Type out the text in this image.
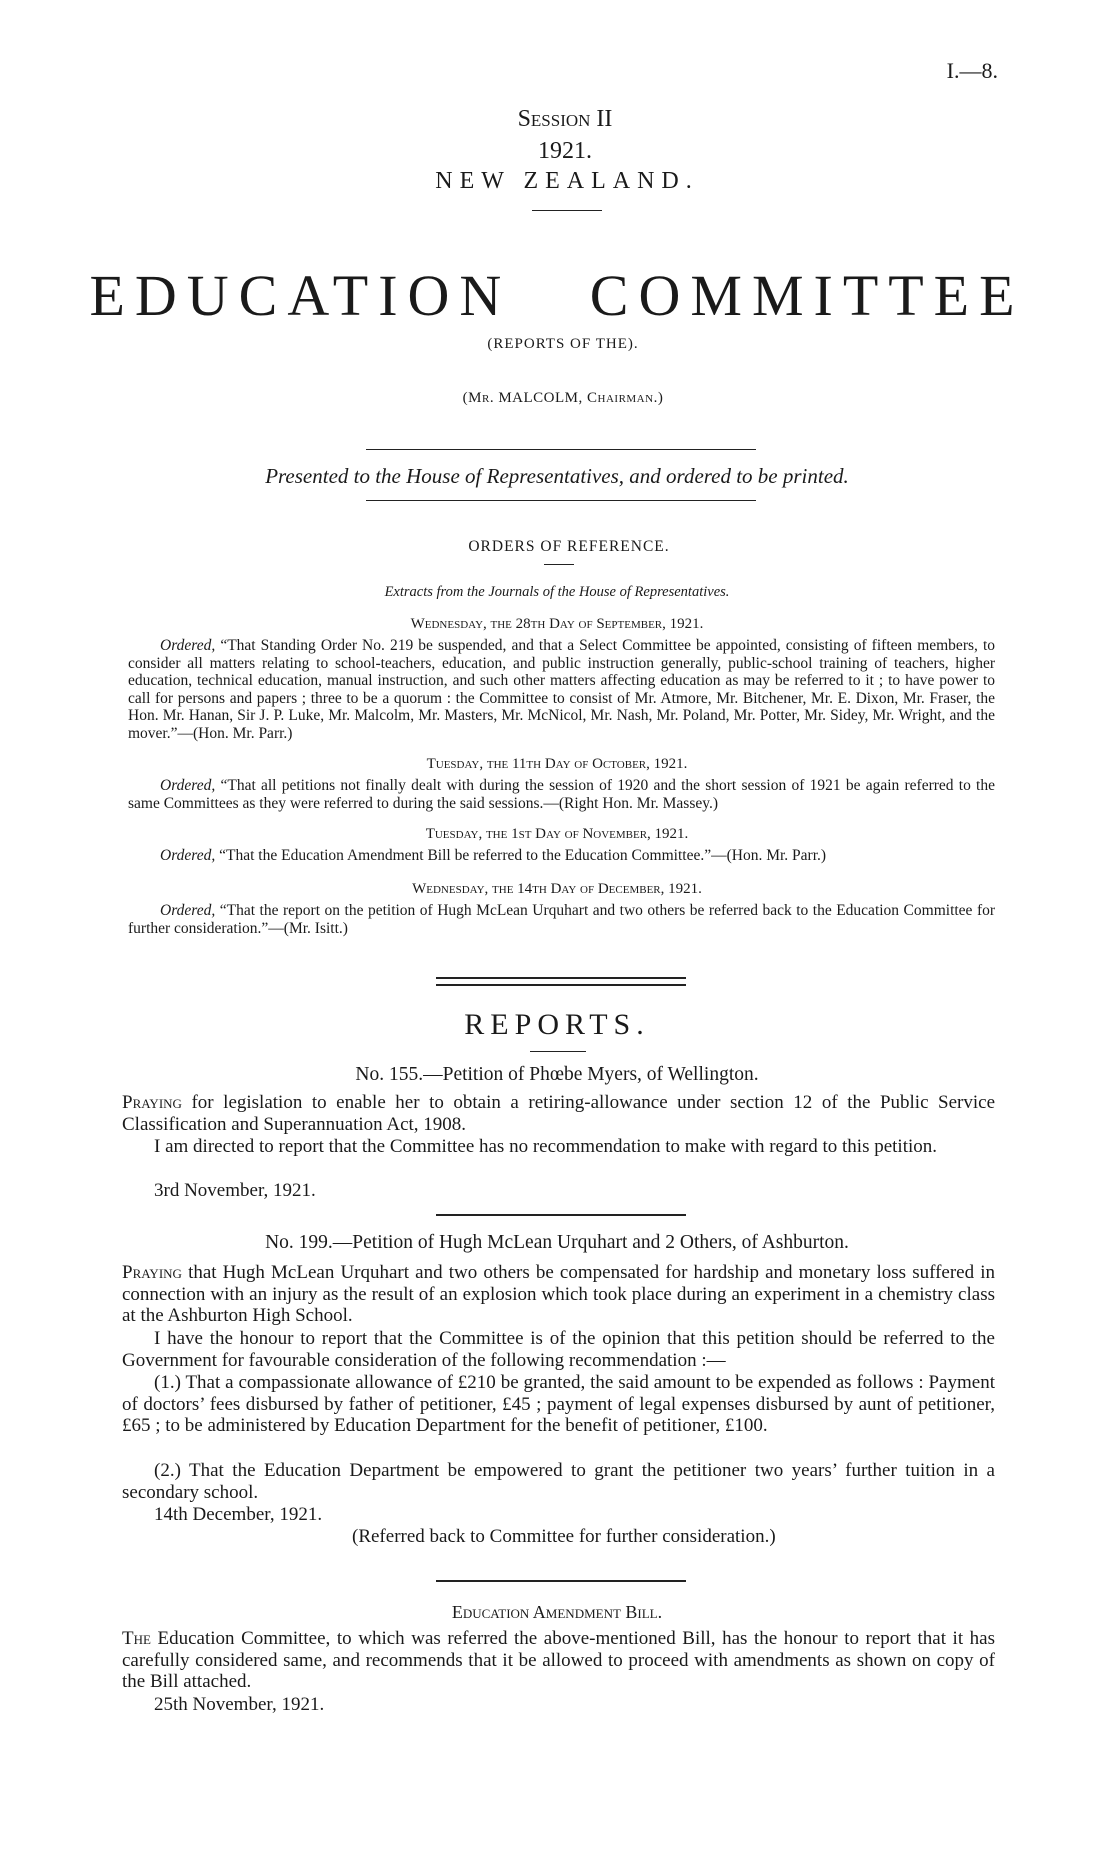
I.—8.
Session II
1921.
NEW ZEALAND.
EDUCATION COMMITTEE
(REPORTS OF THE).
(Mr. MALCOLM, Chairman.)
Presented to the House of Representatives, and ordered to be printed.
ORDERS OF REFERENCE.
Extracts from the Journals of the House of Representatives.
Wednesday, the 28th Day of September, 1921.
Ordered, “That Standing Order No. 219 be suspended, and that a Select Committee be appointed, consisting of fifteen members, to consider all matters relating to school-teachers, education, and public instruction generally, public-school training of teachers, higher education, technical education, manual instruction, and such other matters affecting education as may be referred to it ; to have power to call for persons and papers ; three to be a quorum : the Committee to consist of Mr. Atmore, Mr. Bitchener, Mr. E. Dixon, Mr. Fraser, the Hon. Mr. Hanan, Sir J. P. Luke, Mr. Malcolm, Mr. Masters, Mr. McNicol, Mr. Nash, Mr. Poland, Mr. Potter, Mr. Sidey, Mr. Wright, and the mover.”—(Hon. Mr. Parr.)
Tuesday, the 11th Day of October, 1921.
Ordered, “That all petitions not finally dealt with during the session of 1920 and the short session of 1921 be again referred to the same Committees as they were referred to during the said sessions.—(Right Hon. Mr. Massey.)
Tuesday, the 1st Day of November, 1921.
Ordered, “That the Education Amendment Bill be referred to the Education Committee.”—(Hon. Mr. Parr.)
Wednesday, the 14th Day of December, 1921.
Ordered, “That the report on the petition of Hugh McLean Urquhart and two others be referred back to the Education Committee for further consideration.”—(Mr. Isitt.)
REPORTS.
No. 155.—Petition of Phœbe Myers, of Wellington.
Praying for legislation to enable her to obtain a retiring-allowance under section 12 of the Public Service Classification and Superannuation Act, 1908.
I am directed to report that the Committee has no recommendation to make with regard to this petition.
3rd November, 1921.
No. 199.—Petition of Hugh McLean Urquhart and 2 Others, of Ashburton.
Praying that Hugh McLean Urquhart and two others be compensated for hardship and monetary loss suffered in connection with an injury as the result of an explosion which took place during an experiment in a chemistry class at the Ashburton High School.
I have the honour to report that the Committee is of the opinion that this petition should be referred to the Government for favourable consideration of the following recommendation :—
(1.) That a compassionate allowance of £210 be granted, the said amount to be expended as follows : Payment of doctors’ fees disbursed by father of petitioner, £45 ; payment of legal expenses disbursed by aunt of petitioner, £65 ; to be administered by Education Department for the benefit of petitioner, £100.
(2.) That the Education Department be empowered to grant the petitioner two years’ further tuition in a secondary school.
14th December, 1921.
(Referred back to Committee for further consideration.)
Education Amendment Bill.
The Education Committee, to which was referred the above-mentioned Bill, has the honour to report that it has carefully considered same, and recommends that it be allowed to proceed with amendments as shown on copy of the Bill attached.
25th November, 1921.
